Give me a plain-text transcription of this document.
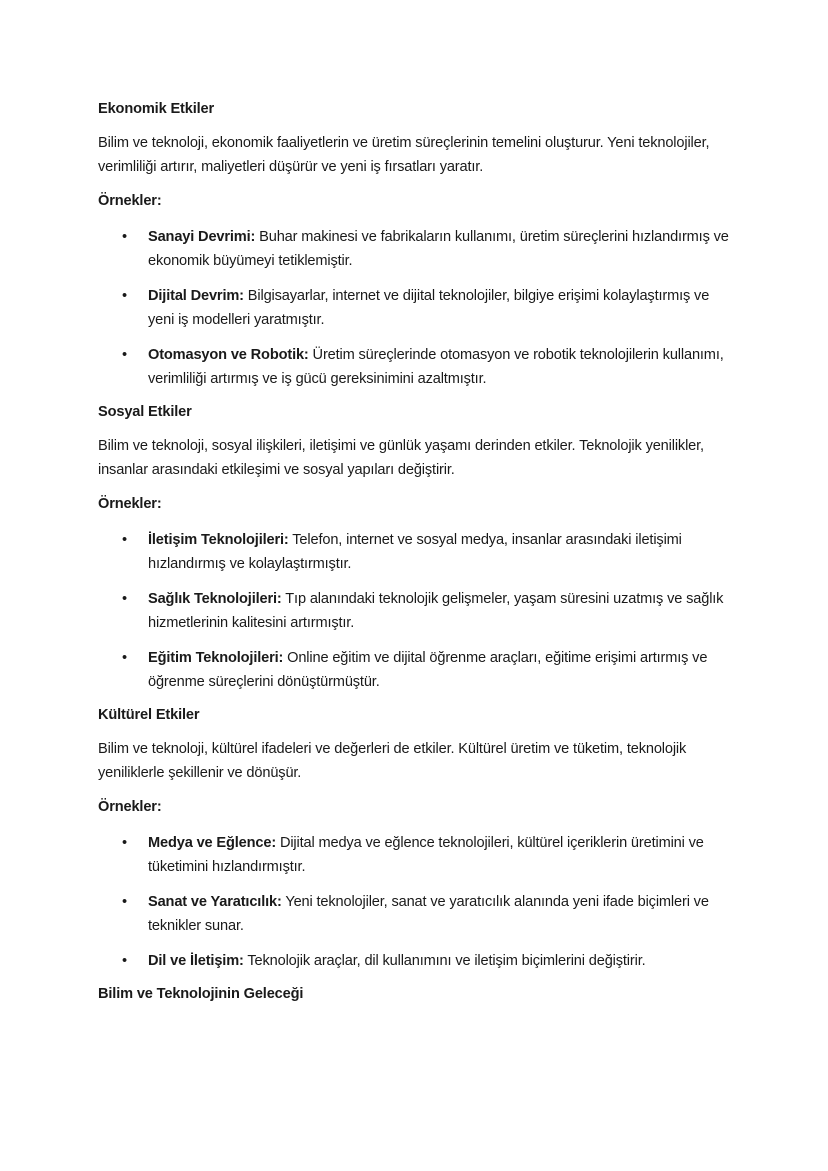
Ekonomik Etkiler
Bilim ve teknoloji, ekonomik faaliyetlerin ve üretim süreçlerinin temelini oluşturur. Yeni teknolojiler, verimliliği artırır, maliyetleri düşürür ve yeni iş fırsatları yaratır.
Örnekler:
• Sanayi Devrimi: Buhar makinesi ve fabrikaların kullanımı, üretim süreçlerini hızlandırmış ve ekonomik büyümeyi tetiklemiştir.
• Dijital Devrim: Bilgisayarlar, internet ve dijital teknolojiler, bilgiye erişimi kolaylaştırmış ve yeni iş modelleri yaratmıştır.
• Otomasyon ve Robotik: Üretim süreçlerinde otomasyon ve robotik teknolojilerin kullanımı, verimliliği artırmış ve iş gücü gereksinimini azaltmıştır.
Sosyal Etkiler
Bilim ve teknoloji, sosyal ilişkileri, iletişimi ve günlük yaşamı derinden etkiler. Teknolojik yenilikler, insanlar arasındaki etkileşimi ve sosyal yapıları değiştirir.
Örnekler:
• İletişim Teknolojileri: Telefon, internet ve sosyal medya, insanlar arasındaki iletişimi hızlandırmış ve kolaylaştırmıştır.
• Sağlık Teknolojileri: Tıp alanındaki teknolojik gelişmeler, yaşam süresini uzatmış ve sağlık hizmetlerinin kalitesini artırmıştır.
• Eğitim Teknolojileri: Online eğitim ve dijital öğrenme araçları, eğitime erişimi artırmış ve öğrenme süreçlerini dönüştürmüştür.
Kültürel Etkiler
Bilim ve teknoloji, kültürel ifadeleri ve değerleri de etkiler. Kültürel üretim ve tüketim, teknolojik yeniliklerle şekillenir ve dönüşür.
Örnekler:
• Medya ve Eğlence: Dijital medya ve eğlence teknolojileri, kültürel içeriklerin üretimini ve tüketimini hızlandırmıştır.
• Sanat ve Yaratıcılık: Yeni teknolojiler, sanat ve yaratıcılık alanında yeni ifade biçimleri ve teknikler sunar.
• Dil ve İletişim: Teknolojik araçlar, dil kullanımını ve iletişim biçimlerini değiştirir.
Bilim ve Teknolojinin Geleceği
